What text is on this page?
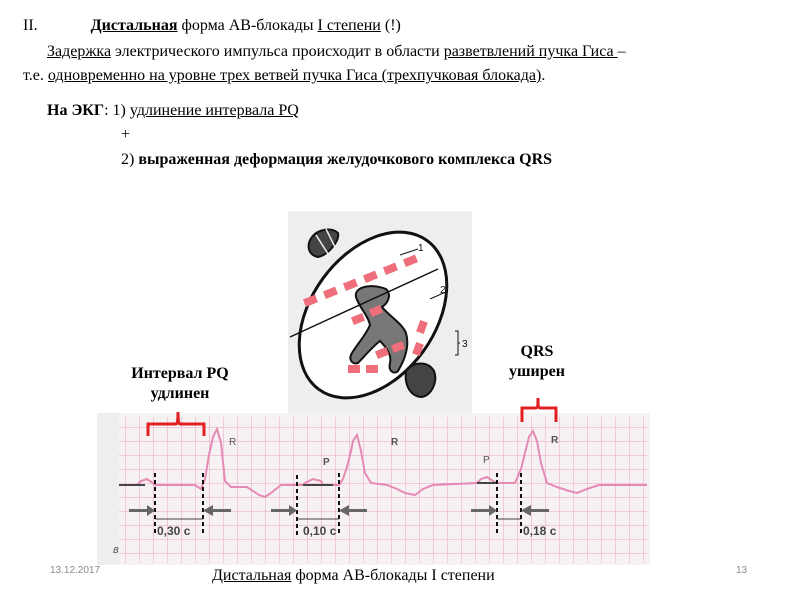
II.	Дистальная форма АВ-блокады I степени (!)
Задержка электрического импульса происходит в области разветвлений пучка Гиса –
т.е. одновременно на уровне трех ветвей пучка Гиса (трехпучковая блокада).
На ЭКГ: 1) удлинение интервала PQ
+
2) выраженная деформация желудочкового комплекса QRS
1
2
3
Интервал PQ
удлинен
QRS
уширен
R	R	R
P	P
0,30 с	0,10 с	0,18 с
в
Дистальная форма АВ-блокады I степени
13.12.2017	13
